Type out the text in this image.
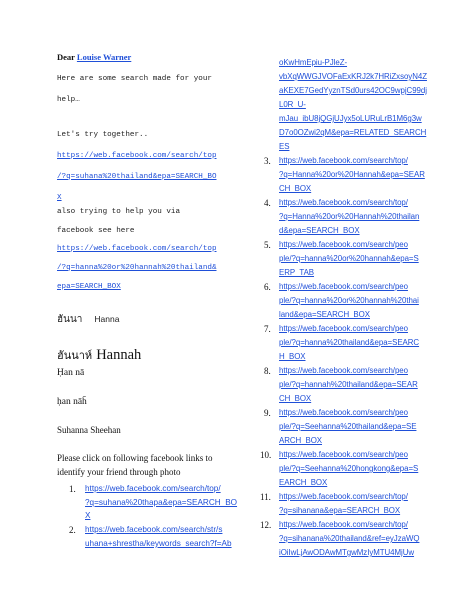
Dear Louise Warner
Here are some search made for your
help…
Let's try together..
https://web.facebook.com/search/top
/?q=suhana%20thailand&epa=SEARCH_BO
X
also trying to help you via
facebook see here
https://web.facebook.com/search/top
/?q=hanna%20or%20hannah%20thailand&
epa=SEARCH_BOX
ฮันนา Hanna
ฮันนาห์ Hannah
Ḥan nā
ḥan nāh̄
Suhanna Sheehan
Please click on following facebook links to
identify your friend through photo
1. https://web.facebook.com/search/top/
?q=suhana%20thapa&epa=SEARCH_BO
X
2. https://web.facebook.com/search/str/s
uhana+shrestha/keywords_search?f=Ab
oKwHmEpiu-PJleZ-
vbXqWWGJVOFaExKRJ2k7HRiZxsoyN4Z
aKEXE7GedYyznTSd0urs42OC9wpjC99dj
L0R_U-
mJau_ibU8jQGjUJyx5oLURuLrB1M6g3w
D7o0OZwi2qM&epa=RELATED_SEARCH
ES
3. https://web.facebook.com/search/top/
?q=Hanna%20or%20Hannah&epa=SEAR
CH_BOX
4. https://web.facebook.com/search/top/
?q=Hanna%20or%20Hannah%20thailan
d&epa=SEARCH_BOX
5. https://web.facebook.com/search/peo
ple/?q=hanna%20or%20hannah&epa=S
ERP_TAB
6. https://web.facebook.com/search/peo
ple/?q=hanna%20or%20hannah%20thai
land&epa=SEARCH_BOX
7. https://web.facebook.com/search/peo
ple/?q=hanna%20thailand&epa=SEARC
H_BOX
8. https://web.facebook.com/search/peo
ple/?q=hannah%20thailand&epa=SEAR
CH_BOX
9. https://web.facebook.com/search/peo
ple/?q=Seehanna%20thailand&epa=SE
ARCH_BOX
10. https://web.facebook.com/search/peo
ple/?q=Seehanna%20hongkong&epa=S
EARCH_BOX
11. https://web.facebook.com/search/top/
?q=sihanana&epa=SEARCH_BOX
12. https://web.facebook.com/search/top/
?q=sihanana%20thailand&ref=eyJzaWQ
iOiIwLjAwODAwMTgwMzIyMTU4MjUw
